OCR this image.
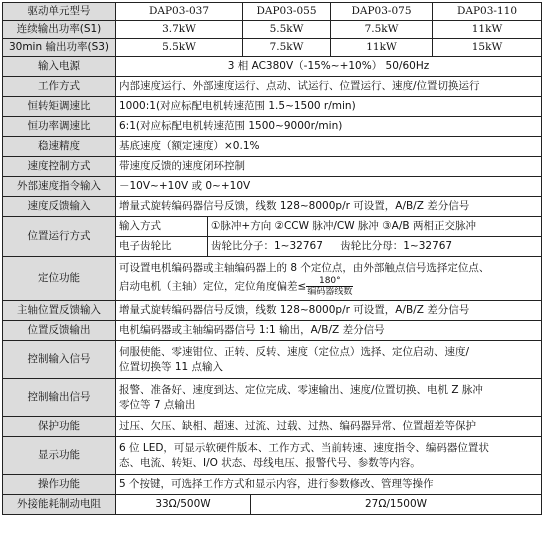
驱动单元型号	DAP03-037		DAP03-055		DAP03-075	DAP03-110
连续输出功率(S1)	3.7kW		5.5kW		7.5kW	11kW
30min 输出功率(S3)	5.5kW		7.5kW		11kW	15kW
输入电源	3 相 AC380V（-15%~+10%） 50/60Hz					
工作方式	内部速度运行、外部速度运行、点动、试运行、位置运行、速度/位置切换运行					
恒转矩调速比	1000:1(对应标配电机转速范围 1.5~1500 r/min)					
恒功率调速比	6:1(对应标配电机转速范围 1500~9000r/min)					
稳速精度	基底速度（额定速度）×0.1%					
速度控制方式	带速度反馈的速度闭环控制					
外部速度指令输入	－10V~+10V 或 0~+10V					
速度反馈输入	增量式旋转编码器信号反馈，线数 128~8000p/r 可设置，A/B/Z 差分信号					
位置运行方式	输入方式	①脉冲+方向 ②CCW 脉冲/CW 脉冲 ③A/B 两相正交脉冲				
	电子齿轮比	齿轮比分子：1~32767 齿轮比分母：1~32767				
定位功能	可设置电机编码器或主轴编码器上的 8 个定位点，由外部触点信号选择定位点、
启动电机（主轴）定位，定位角度偏差≤ $\frac{180^\circ}{\text{编码器线数}}$

主轴位置反馈输入	增量式旋转编码器信号反馈，线数 128~8000p/r 可设置，A/B/Z 差分信号					
位置反馈输出	电机编码器或主轴编码器信号 1:1 输出，A/B/Z 差分信号					
控制输入信号	伺服使能、零速钳位、正转、反转、速度（定位点）选择、定位启动、速度/
位置切换等 11 点输入					

控制输出信号	报警、准备好、速度到达、定位完成、零速输出、速度/位置切换、电机 Z 脉冲
零位等 7 点输出					

保护功能	过压、欠压、缺相、超速、过流、过载、过热、编码器异常、位置超差等保护					
显示功能	6 位 LED，可显示软硬件版本、工作方式、当前转速、速度指令、编码器位置状
态、电流、转矩、I/O 状态、母线电压、报警代号、参数等内容。					

操作功能	5 个按键，可选择工作方式和显示内容，进行参数修改、管理等操作					
外接能耗制动电阻	33Ω/500W			27Ω/1500W		
